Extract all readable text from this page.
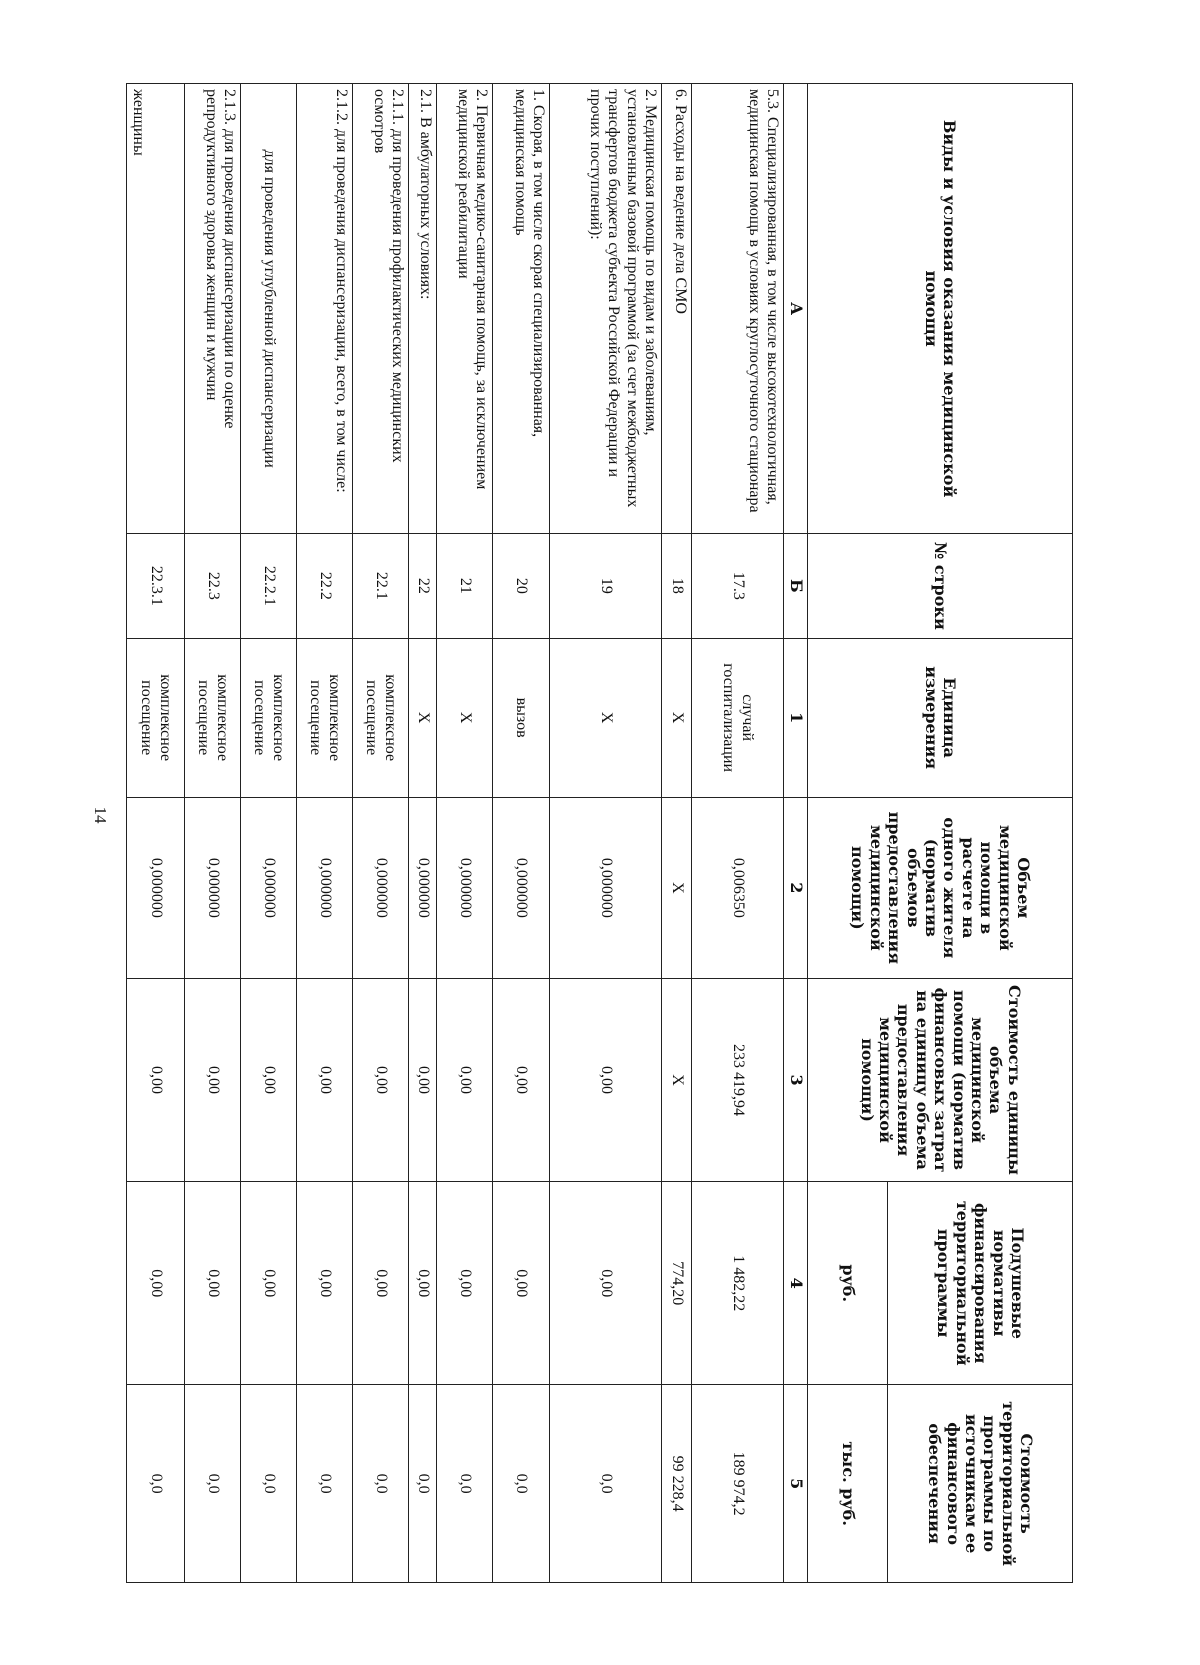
14
Виды и условия оказания медицинской помощи	№ строки	Единица измерения	Объем медицинской помощи в расчете на одного жителя (норматив объемов предоставления медицинской помощи)	Стоимость единицы объема медицинской помощи (норматив финансовых затрат на единицу объема предоставления медицинской помощи)	Подушевые нормативы финансирования территориальной программы	Стоимость территориальной программы по источникам ее финансового обеспечения
					руб.	тыс. руб.
А	Б	1	2	3	4	5
5.3. Специализированная, в том числе высокотехнологичная, медицинская помощь в условиях круглосуточного стационара	17.3	случай госпитализации	0,006350	233 419,94	1 482,22	189 974,2
6. Расходы на ведение дела СМО	18	X	X	X	774,20	99 228,4
2. Медицинская помощь по видам и заболеваниям, установленным базовой программой (за счет межбюджетных трансфертов бюджета субъекта Российской Федерации и прочих поступлений):	19	X	0,000000	0,00	0,00	0,0
1. Скорая, в том числе скорая специализированная, медицинская помощь	20	вызов	0,000000	0,00	0,00	0,0
2. Первичная медико-санитарная помощь, за исключением медицинской реабилитации	21	X	0,000000	0,00	0,00	0,0
2.1. В амбулаторных условиях:	22	X	0,000000	0,00	0,00	0,0
2.1.1. для проведения профилактических медицинских осмотров	22.1	комплексное посещение	0,000000	0,00	0,00	0,0
2.1.2. для проведения диспансеризации, всего, в том числе:	22.2	комплексное посещение	0,000000	0,00	0,00	0,0
для проведения углубленной диспансеризации	22.2.1	комплексное посещение	0,000000	0,00	0,00	0,0
2.1.3. для проведения диспансеризации по оценке репродуктивного здоровья женщин и мужчин	22.3	комплексное посещение	0,000000	0,00	0,00	0,0
женщины	22.3.1	комплексное посещение	0,000000	0,00	0,00	0,0
